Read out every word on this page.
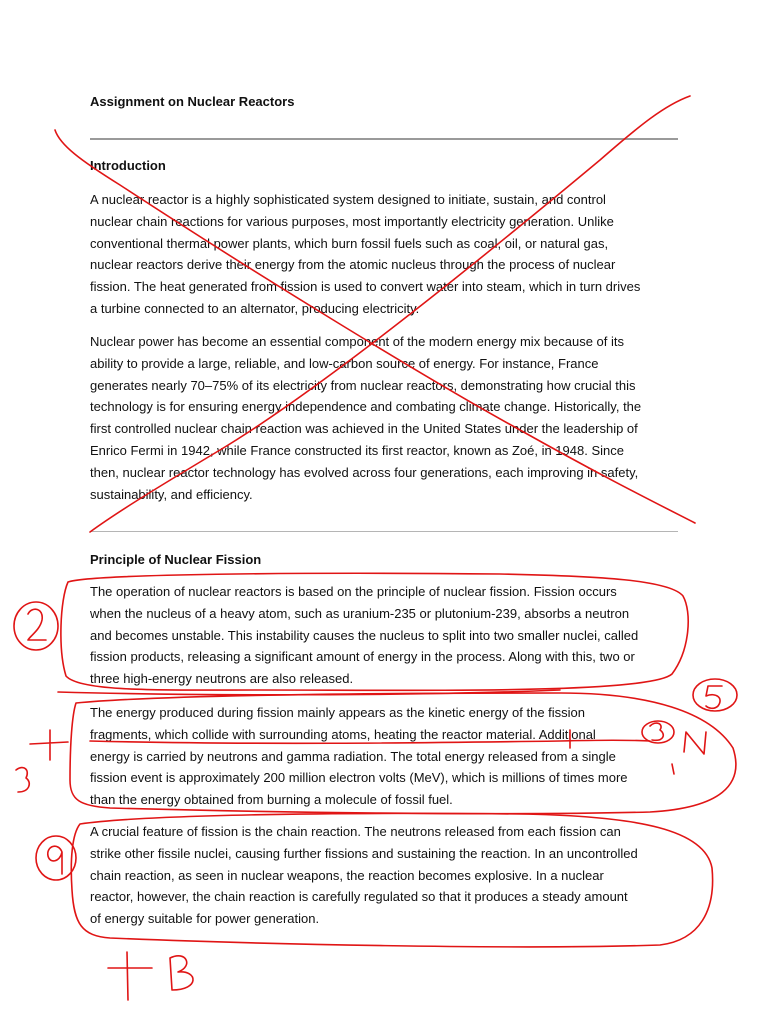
Assignment on Nuclear Reactors
Introduction

A nuclear reactor is a highly sophisticated system designed to initiate, sustain, and control
nuclear chain reactions for various purposes, most importantly electricity generation. Unlike
conventional thermal power plants, which burn fossil fuels such as coal, oil, or natural gas,
nuclear reactors derive their energy from the atomic nucleus through the process of nuclear
fission. The heat generated from fission is used to convert water into steam, which in turn drives
a turbine connected to an alternator, producing electricity.

Nuclear power has become an essential component of the modern energy mix because of its
ability to provide a large, reliable, and low-carbon source of energy. For instance, France
generates nearly 70–75% of its electricity from nuclear reactors, demonstrating how crucial this
technology is for ensuring energy independence and combating climate change. Historically, the
first controlled nuclear chain reaction was achieved in the United States under the leadership of
Enrico Fermi in 1942, while France constructed its first reactor, known as Zoé, in 1948. Since
then, nuclear reactor technology has evolved across four generations, each improving in safety,
sustainability, and efficiency.

Principle of Nuclear Fission

The operation of nuclear reactors is based on the principle of nuclear fission. Fission occurs
when the nucleus of a heavy atom, such as uranium-235 or plutonium-239, absorbs a neutron
and becomes unstable. This instability causes the nucleus to split into two smaller nuclei, called
fission products, releasing a significant amount of energy in the process. Along with this, two or
three high-energy neutrons are also released.

The energy produced during fission mainly appears as the kinetic energy of the fission
fragments, which collide with surrounding atoms, heating the reactor material. Additional
energy is carried by neutrons and gamma radiation. The total energy released from a single
fission event is approximately 200 million electron volts (MeV), which is millions of times more
than the energy obtained from burning a molecule of fossil fuel.

A crucial feature of fission is the chain reaction. The neutrons released from each fission can
strike other fissile nuclei, causing further fissions and sustaining the reaction. In an uncontrolled
chain reaction, as seen in nuclear weapons, the reaction becomes explosive. In a nuclear
reactor, however, the chain reaction is carefully regulated so that it produces a steady amount
of energy suitable for power generation.
